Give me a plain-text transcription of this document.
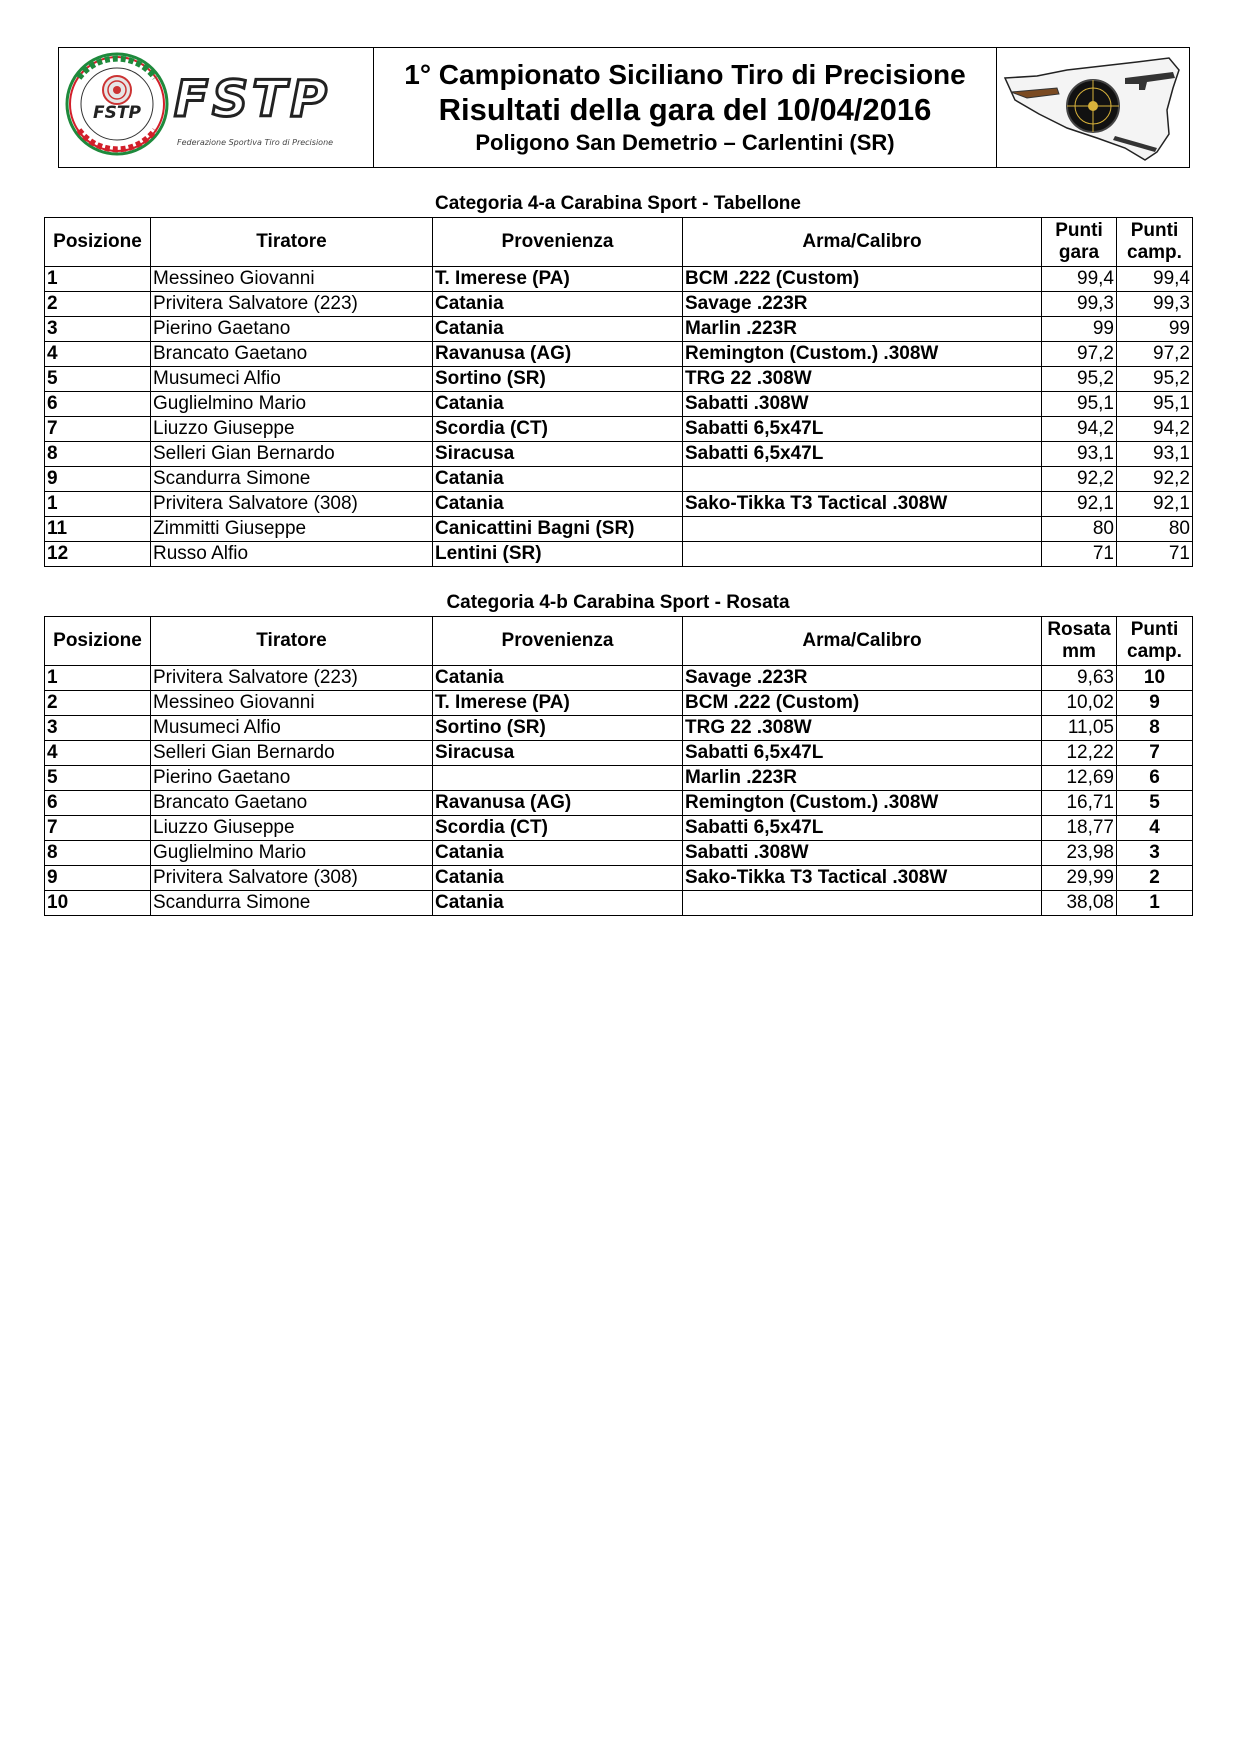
FSTP FSTP
Federazione Sportiva Tiro di Precisione
1° Campionato Siciliano Tiro di Precisione
Risultati della gara del 10/04/2016
Poligono San Demetrio – Carlentini (SR)
Categoria 4-a Carabina Sport - Tabellone
Posizione	Tiratore	Provenienza	Arma/Calibro	Punti gara	Punti camp.
1	Messineo Giovanni	T. Imerese (PA)	BCM .222 (Custom)	99,4	99,4
2	Privitera Salvatore (223)	Catania	Savage .223R	99,3	99,3
3	Pierino Gaetano	Catania	Marlin .223R	99	99
4	Brancato Gaetano	Ravanusa (AG)	Remington (Custom.) .308W	97,2	97,2
5	Musumeci Alfio	Sortino (SR)	TRG 22 .308W	95,2	95,2
6	Guglielmino Mario	Catania	Sabatti .308W	95,1	95,1
7	Liuzzo Giuseppe	Scordia (CT)	Sabatti 6,5x47L	94,2	94,2
8	Selleri Gian Bernardo	Siracusa	Sabatti 6,5x47L	93,1	93,1
9	Scandurra Simone	Catania		92,2	92,2
1	Privitera Salvatore (308)	Catania	Sako-Tikka T3 Tactical .308W	92,1	92,1
11	Zimmitti Giuseppe	Canicattini Bagni (SR)		80	80
12	Russo Alfio	Lentini (SR)		71	71
Categoria 4-b Carabina Sport - Rosata
Posizione	Tiratore	Provenienza	Arma/Calibro	Rosata mm	Punti camp.
1	Privitera Salvatore (223)	Catania	Savage .223R	9,63	10
2	Messineo Giovanni	T. Imerese (PA)	BCM .222 (Custom)	10,02	9
3	Musumeci Alfio	Sortino (SR)	TRG 22 .308W	11,05	8
4	Selleri Gian Bernardo	Siracusa	Sabatti 6,5x47L	12,22	7
5	Pierino Gaetano		Marlin .223R	12,69	6
6	Brancato Gaetano	Ravanusa (AG)	Remington (Custom.) .308W	16,71	5
7	Liuzzo Giuseppe	Scordia (CT)	Sabatti 6,5x47L	18,77	4
8	Guglielmino Mario	Catania	Sabatti .308W	23,98	3
9	Privitera Salvatore (308)	Catania	Sako-Tikka T3 Tactical .308W	29,99	2
10	Scandurra Simone	Catania		38,08	1
